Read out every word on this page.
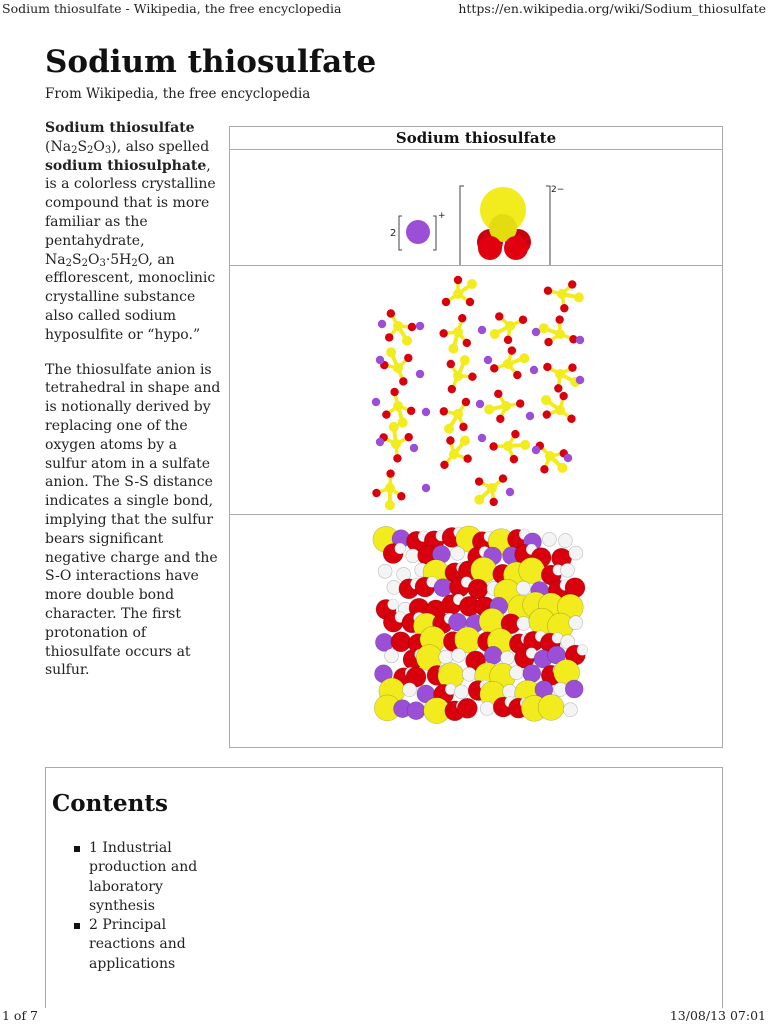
Sodium thiosulfate - Wikipedia, the free encyclopedia	https://en.wikipedia.org/wiki/Sodium_thiosulfate
Sodium thiosulfate
From Wikipedia, the free encyclopedia

Sodium thiosulfate
$(Na_2S_2O_3)$, also spelled sodium thiosulphate, is a colorless crystalline compound that is more familiar as the pentahydrate, $Na_2S_2O_3\cdot 5H_2O$, an efflorescent, monoclinic crystalline substance also called sodium hyposulfite or “hypo.”

The thiosulfate anion is tetrahedral in shape and is notionally derived by replacing one of the oxygen atoms by a sulfur atom in a sulfate anion. The S-S distance indicates a single bond, implying that the sulfur bears significant negative charge and the S-O interactions have more double bond character. The first protonation of thiosulfate occurs at sulfur.

Sodium thiosulfate
2
+
2−
Contents
1 Industrial production and laboratory synthesis
2 Principal reactions and applications
1 of 7	13/08/13 07:01
